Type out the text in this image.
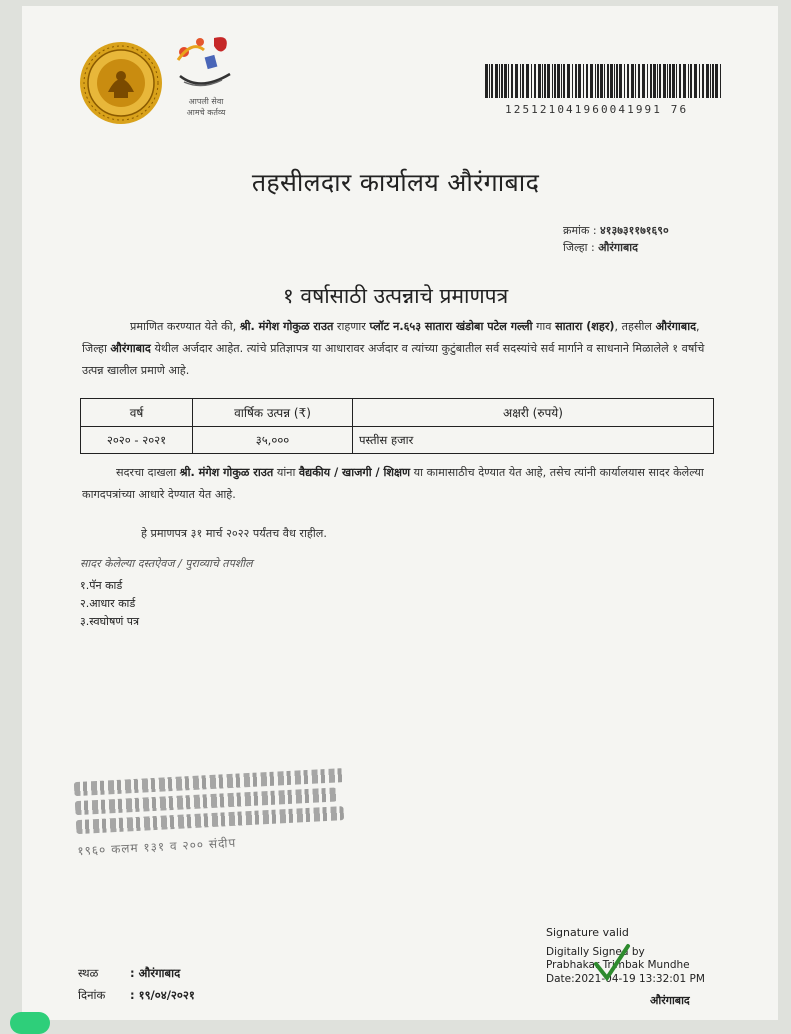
आपली सेवा
आमचे कर्तव्य	125121041960041991 76
तहसीलदार कार्यालय औरंगाबाद
क्रमांक : ४१३७३११७१६९०
जिल्हा : औरंगाबाद
१ वर्षासाठी उत्पन्नाचे प्रमाणपत्र
प्रमाणित करण्यात येते की, श्री. मंगेश गोकुळ राउत राहणार प्लॉट न.६५३ सातारा खंडोबा पटेल गल्ली गाव सातारा (शहर), तहसील औरंगाबाद, जिल्हा औरंगाबाद येथील अर्जदार आहेत. त्यांचे प्रतिज्ञापत्र या आधारावर अर्जदार व त्यांच्या कुटुंबातील सर्व सदस्यांचे सर्व मार्गाने व साधनाने मिळालेले १ वर्षाचे उत्पन्न खालील प्रमाणे आहे.
वर्ष	वार्षिक उत्पन्न (₹)	अक्षरी (रुपये)
२०२० - २०२१	३५,०००	पस्तीस हजार
सदरचा दाखला श्री. मंगेश गोकुळ राउत यांना वैद्यकीय / खाजगी / शिक्षण या कामासाठीच देण्यात येत आहे, तसेच त्यांनी कार्यालयास सादर केलेल्या कागदपत्रांच्या आधारे देण्यात येत आहे.
हे प्रमाणपत्र ३१ मार्च २०२२ पर्यंतच वैध राहील.
सादर केलेल्या दस्तऐवज / पुराव्याचे तपशील
१.पॅन कार्ड
२.आधार कार्ड
३.स्वघोषणं पत्र
१९६० कलम १३१ व २०० संदीप
Signature valid
Digitally Signed by
Prabhakar Trimbak Mundhe
Date:2021-04-19 13:32:01 PM
औरंगाबाद
स्थळ	: औरंगाबाद
दिनांक : १९/०४/२०२१
